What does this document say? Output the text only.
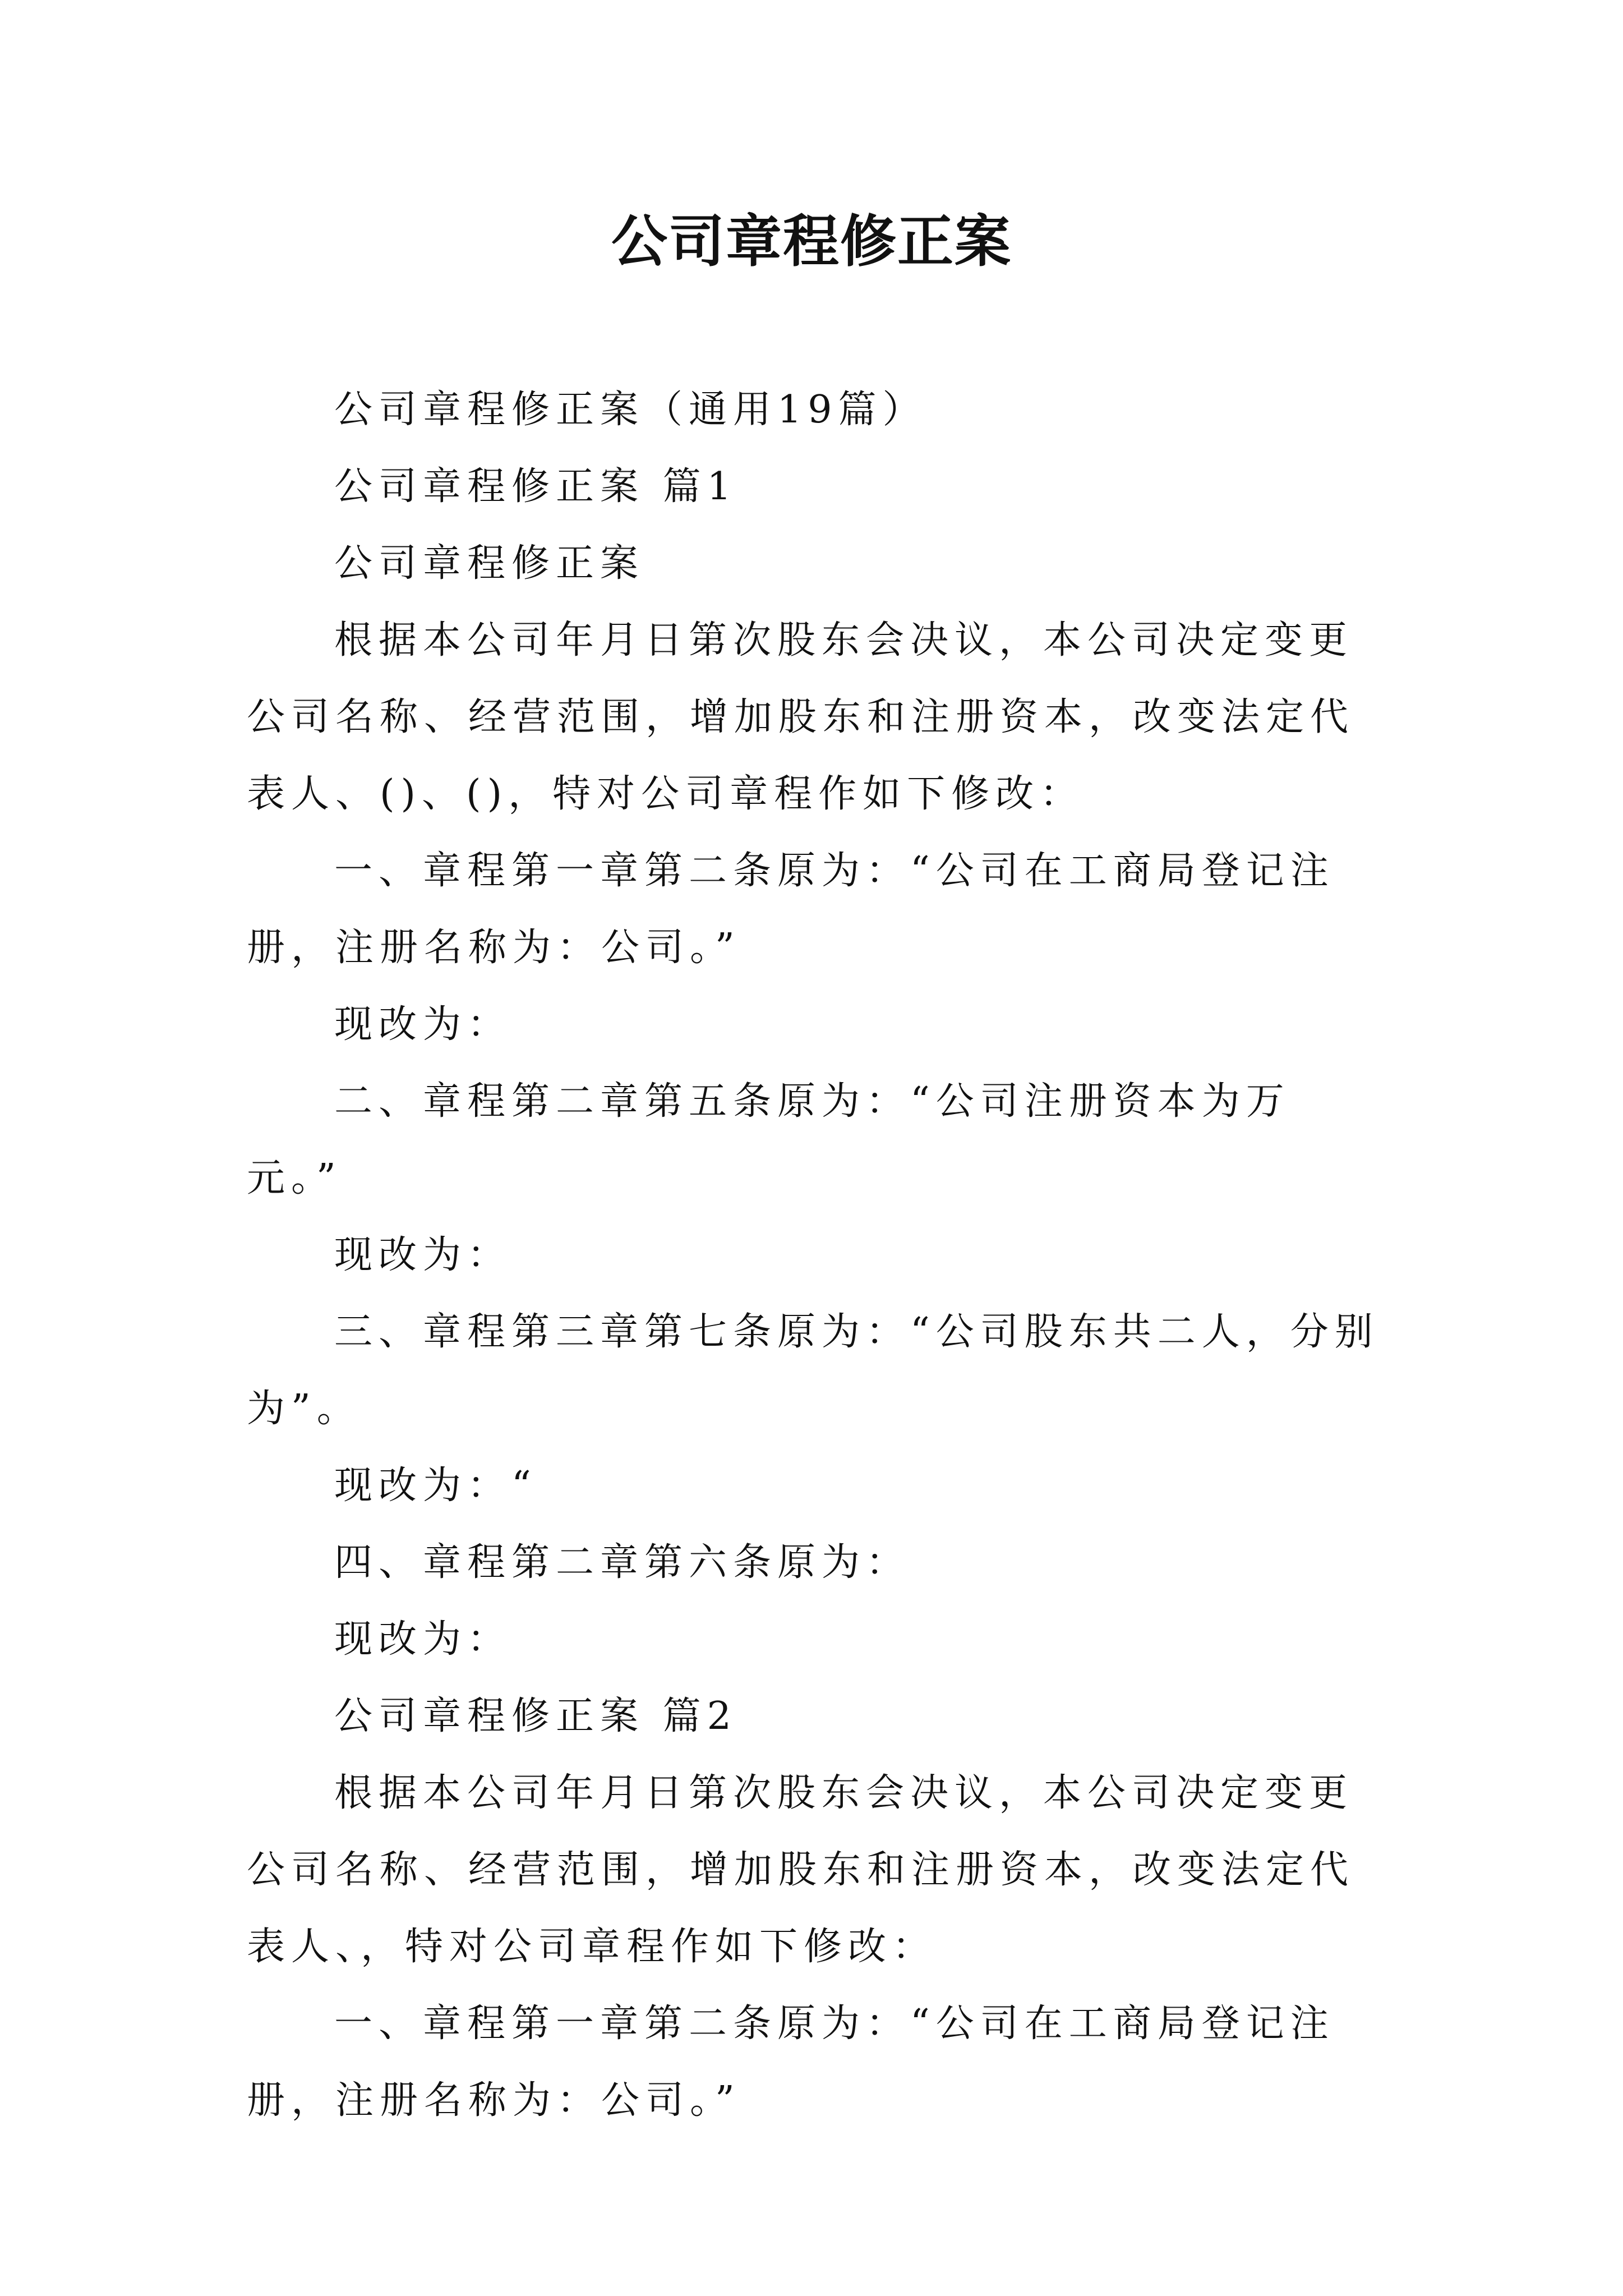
公司章程修正案

公司章程修正案（通用19篇）

公司章程修正案 篇1

公司章程修正案

根据本公司年月日第次股东会决议，本公司决定变更公司名称、经营范围，增加股东和注册资本，改变法定代表人、()、()，特对公司章程作如下修改：

一、章程第一章第二条原为：“公司在工商局登记注册，注册名称为：公司。”

现改为：

二、章程第二章第五条原为：“公司注册资本为万元。”

现改为：

三、章程第三章第七条原为：“公司股东共二人，分别为”。

现改为：“

四、章程第二章第六条原为：

现改为：

公司章程修正案 篇2

根据本公司年月日第次股东会决议，本公司决定变更公司名称、经营范围，增加股东和注册资本，改变法定代表人、，特对公司章程作如下修改：

一、章程第一章第二条原为：“公司在工商局登记注册，注册名称为：公司。”
